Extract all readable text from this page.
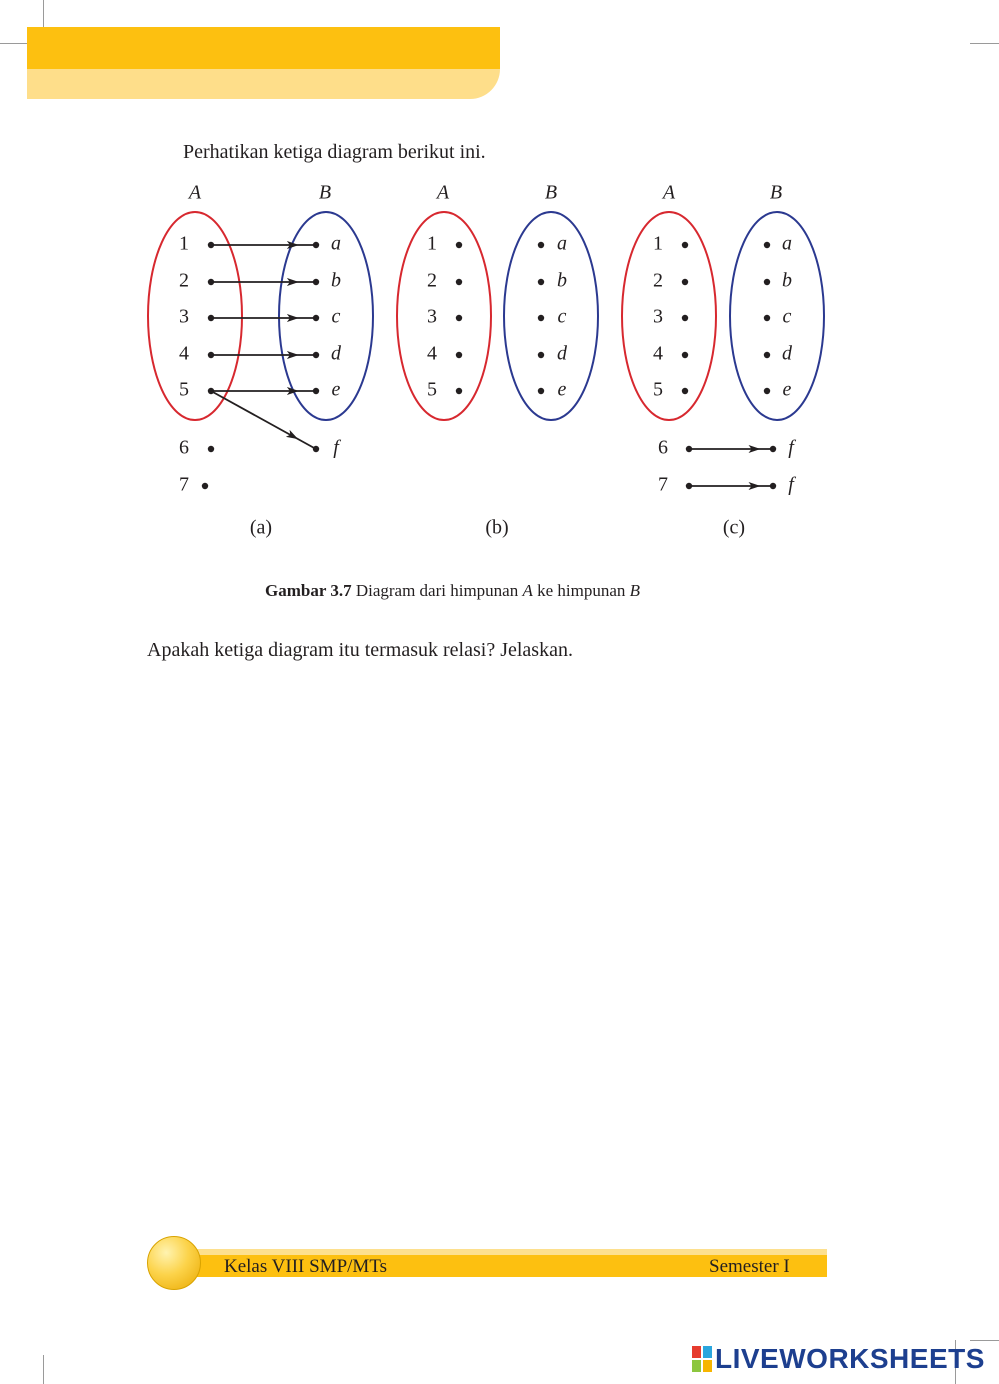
Perhatikan ketiga diagram berikut ini.
A	B
1
2
3
4
5
a
b
c
d
e
6
7
f
(a)
A	B
1
2
3
4
5
a
b
c
d
e
(b)
A	B
1
2
3
4
5
a
b
c
d
e
6
7
f
f
(c)
Gambar 3.7 Diagram dari himpunan A ke himpunan B
Apakah ketiga diagram itu termasuk relasi? Jelaskan.
Kelas VIII SMP/MTs	Semester I
LIVEWORKSHEETS
